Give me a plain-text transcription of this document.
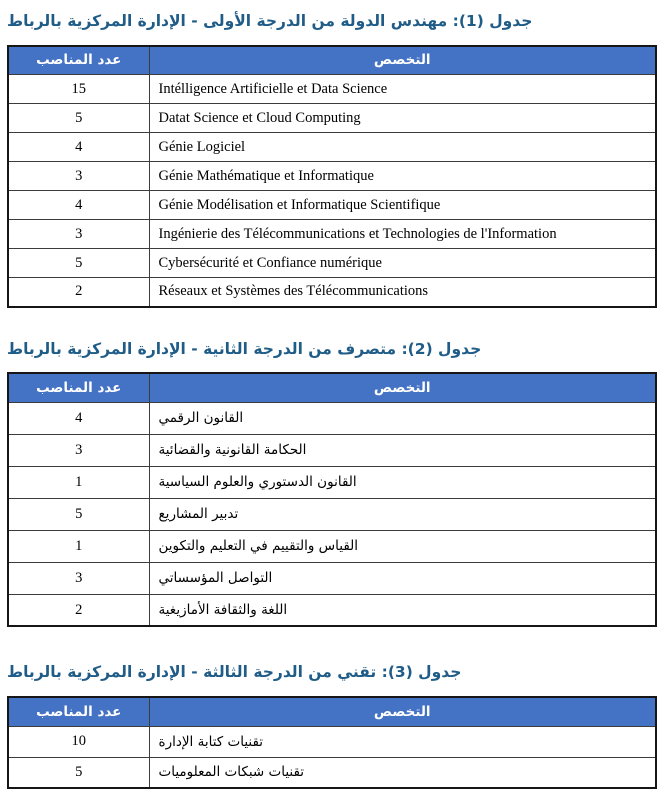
جدول (1): مهندس الدولة من الدرجة الأولى - الإدارة المركزية بالرباط
عدد المناصب	التخصص
15	Intélligence Artificielle et Data Science
5	Datat Science et Cloud Computing
4	Génie Logiciel
3	Génie Mathématique et Informatique
4	Génie Modélisation et Informatique Scientifique
3	Ingénierie des Télécommunications et Technologies de l'Information
5	Cybersécurité et Confiance numérique
2	Réseaux et Systèmes des Télécommunications
جدول (2): متصرف من الدرجة الثانية - الإدارة المركزية بالرباط
عدد المناصب	التخصص
4	القانون الرقمي
3	الحكامة القانونية والقضائية
1	القانون الدستوري والعلوم السياسية
5	تدبير المشاريع
1	القياس والتقييم في التعليم والتكوين
3	التواصل المؤسساتي
2	اللغة والثقافة الأمازيغية
جدول (3): تقني من الدرجة الثالثة - الإدارة المركزية بالرباط
عدد المناصب	التخصص
10	تقنيات كتابة الإدارة
5	تقنيات شبكات المعلوميات
